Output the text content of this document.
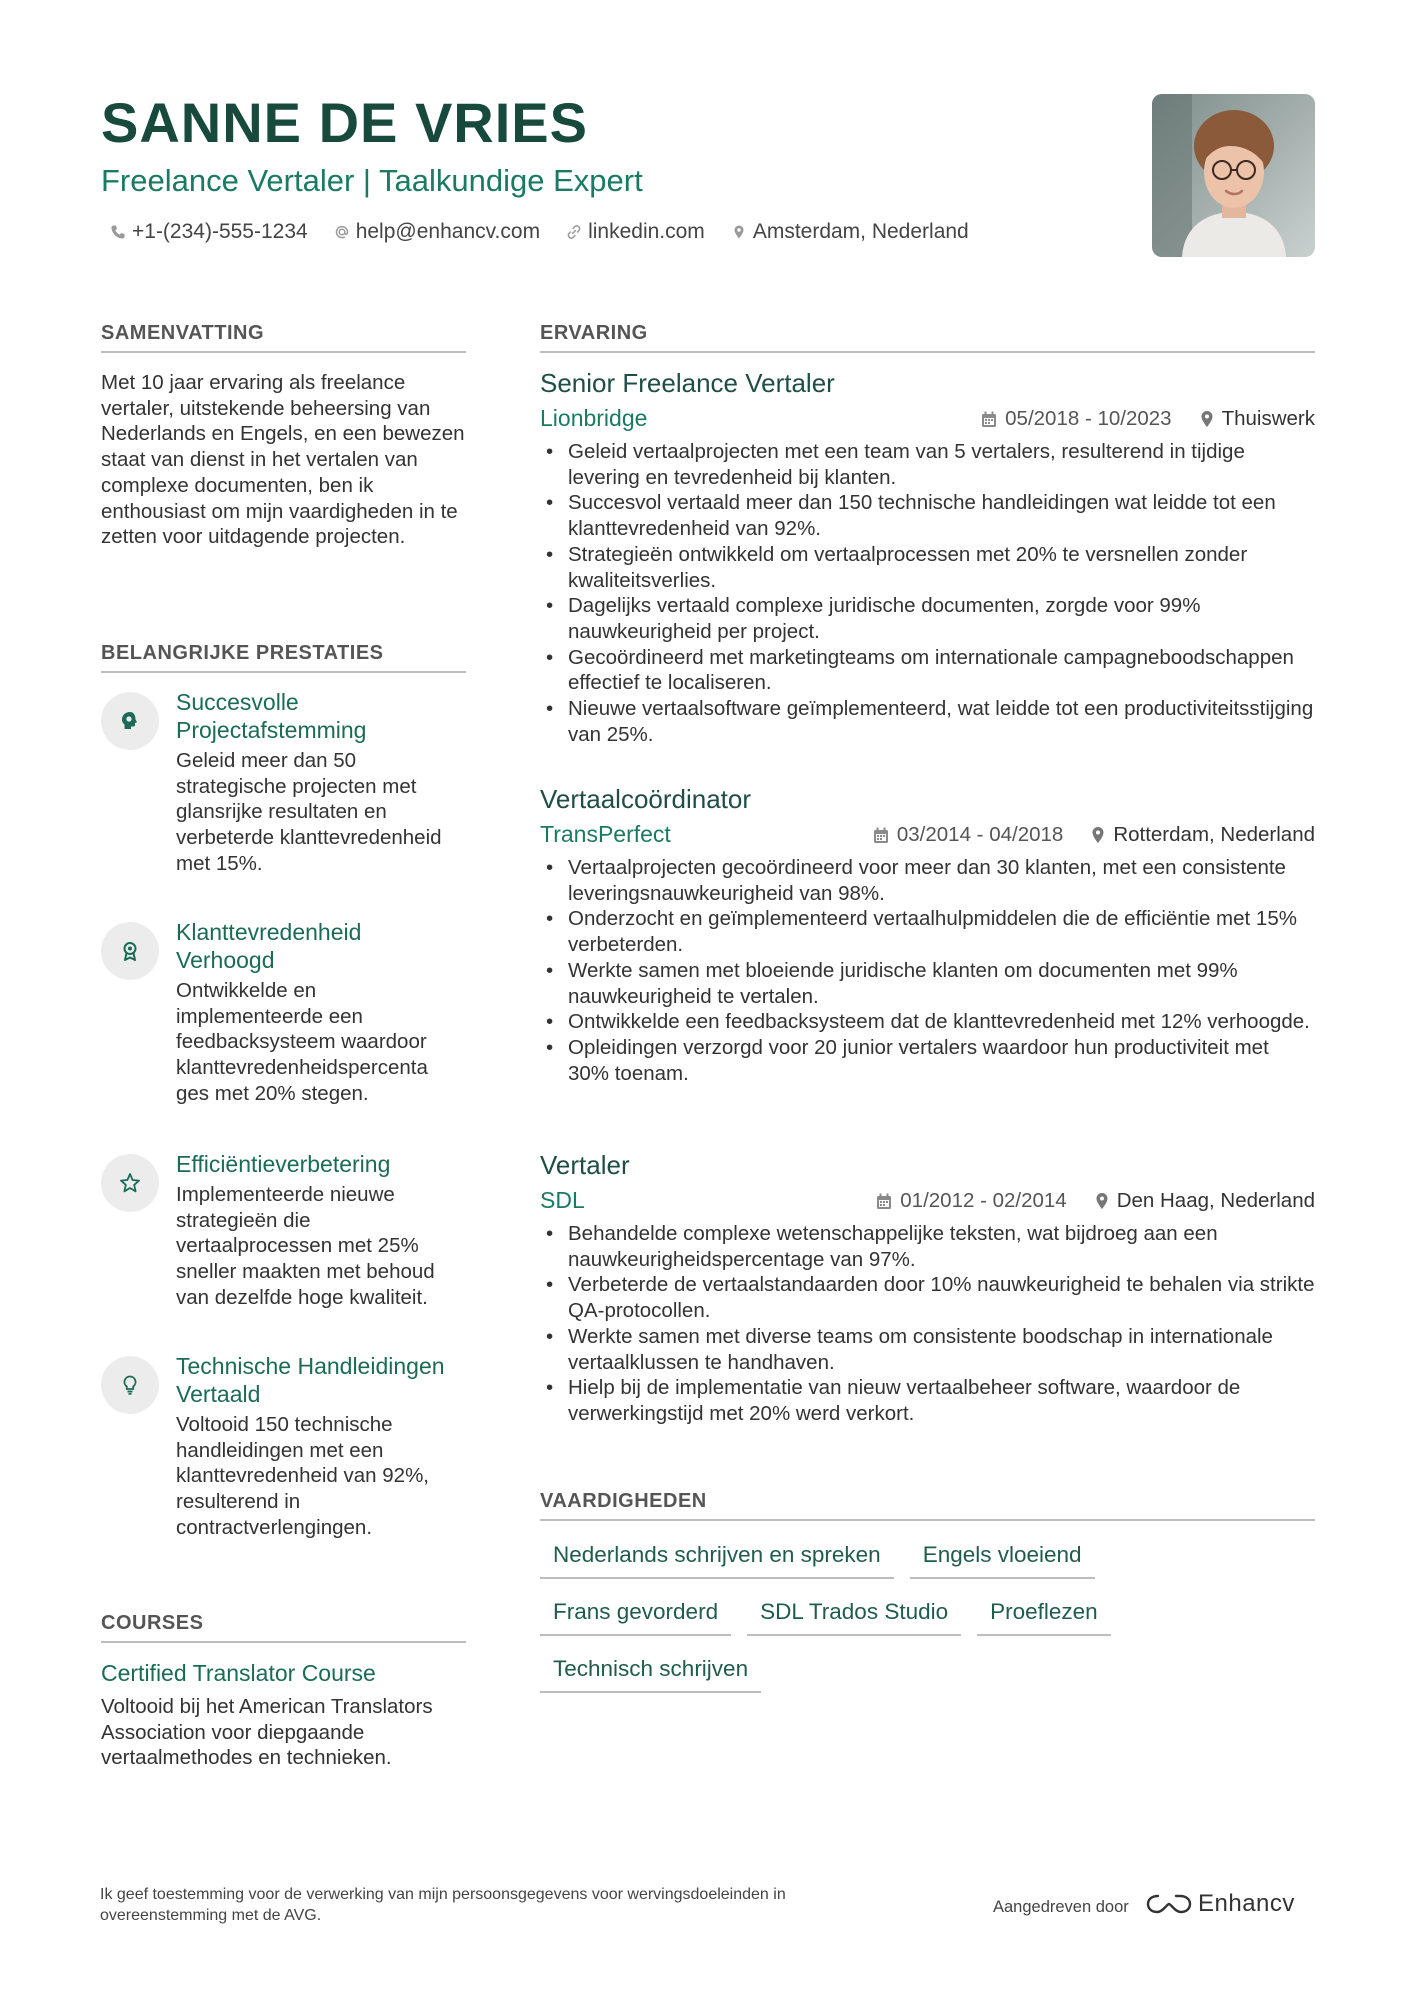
SANNE DE VRIES

Freelance Vertaler | Taalkundige Expert

+1-(234)-555-1234 help@enhancv.com linkedin.com Amsterdam, Nederland
SAMENVATTING

Met 10 jaar ervaring als freelance vertaler, uitstekende beheersing van Nederlands en Engels, en een bewezen staat van dienst in het vertalen van complexe documenten, ben ik enthousiast om mijn vaardigheden in te zetten voor uitdagende projecten.

BELANGRIJKE PRESTATIES

Succesvolle Projectafstemming

Geleid meer dan 50 strategische projecten met glansrijke resultaten en verbeterde klanttevredenheid met 15%.

Klanttevredenheid Verhoogd

Ontwikkelde en implementeerde een feedbacksysteem waardoor klanttevredenheidspercenta ges met 20% stegen.

Efficiëntieverbetering

Implementeerde nieuwe strategieën die vertaalprocessen met 25% sneller maakten met behoud van dezelfde hoge kwaliteit.

Technische Handleidingen Vertaald

Voltooid 150 technische handleidingen met een klanttevredenheid van 92%, resulterend in contractverlengingen.

COURSES

Certified Translator Course

Voltooid bij het American Translators Association voor diepgaande vertaalmethodes en technieken.

ERVARING

Senior Freelance Vertaler

Lionbridge	05/2018 - 10/2023 Thuiswerk
• Geleid vertaalprojecten met een team van 5 vertalers, resulterend in tijdige levering en tevredenheid bij klanten.
• Succesvol vertaald meer dan 150 technische handleidingen wat leidde tot een klanttevredenheid van 92%.
• Strategieën ontwikkeld om vertaalprocessen met 20% te versnellen zonder kwaliteitsverlies.
• Dagelijks vertaald complexe juridische documenten, zorgde voor 99% nauwkeurigheid per project.
• Gecoördineerd met marketingteams om internationale campagneboodschappen effectief te localiseren.
• Nieuwe vertaalsoftware geïmplementeerd, wat leidde tot een productiviteitsstijging van 25%.

Vertaalcoördinator

TransPerfect	03/2014 - 04/2018 Rotterdam, Nederland
• Vertaalprojecten gecoördineerd voor meer dan 30 klanten, met een consistente leveringsnauwkeurigheid van 98%.
• Onderzocht en geïmplementeerd vertaalhulpmiddelen die de efficiëntie met 15% verbeterden.
• Werkte samen met bloeiende juridische klanten om documenten met 99% nauwkeurigheid te vertalen.
• Ontwikkelde een feedbacksysteem dat de klanttevredenheid met 12% verhoogde.
• Opleidingen verzorgd voor 20 junior vertalers waardoor hun productiviteit met 30% toenam.

Vertaler

SDL	01/2012 - 02/2014 Den Haag, Nederland
• Behandelde complexe wetenschappelijke teksten, wat bijdroeg aan een nauwkeurigheidspercentage van 97%.
• Verbeterde de vertaalstandaarden door 10% nauwkeurigheid te behalen via strikte QA-protocollen.
• Werkte samen met diverse teams om consistente boodschap in internationale vertaalklussen te handhaven.
• Hielp bij de implementatie van nieuw vertaalbeheer software, waardoor de verwerkingstijd met 20% werd verkort.
VAARDIGHEDEN
Nederlands schrijven en spreken	Engels vloeiend
Frans gevorderd	SDL Trados Studio	Proeflezen
Technisch schrijven

Ik geef toestemming voor de verwerking van mijn persoonsgegevens voor wervingsdoeleinden in overeenstemming met de AVG.	Aangedreven door	Enhancv
